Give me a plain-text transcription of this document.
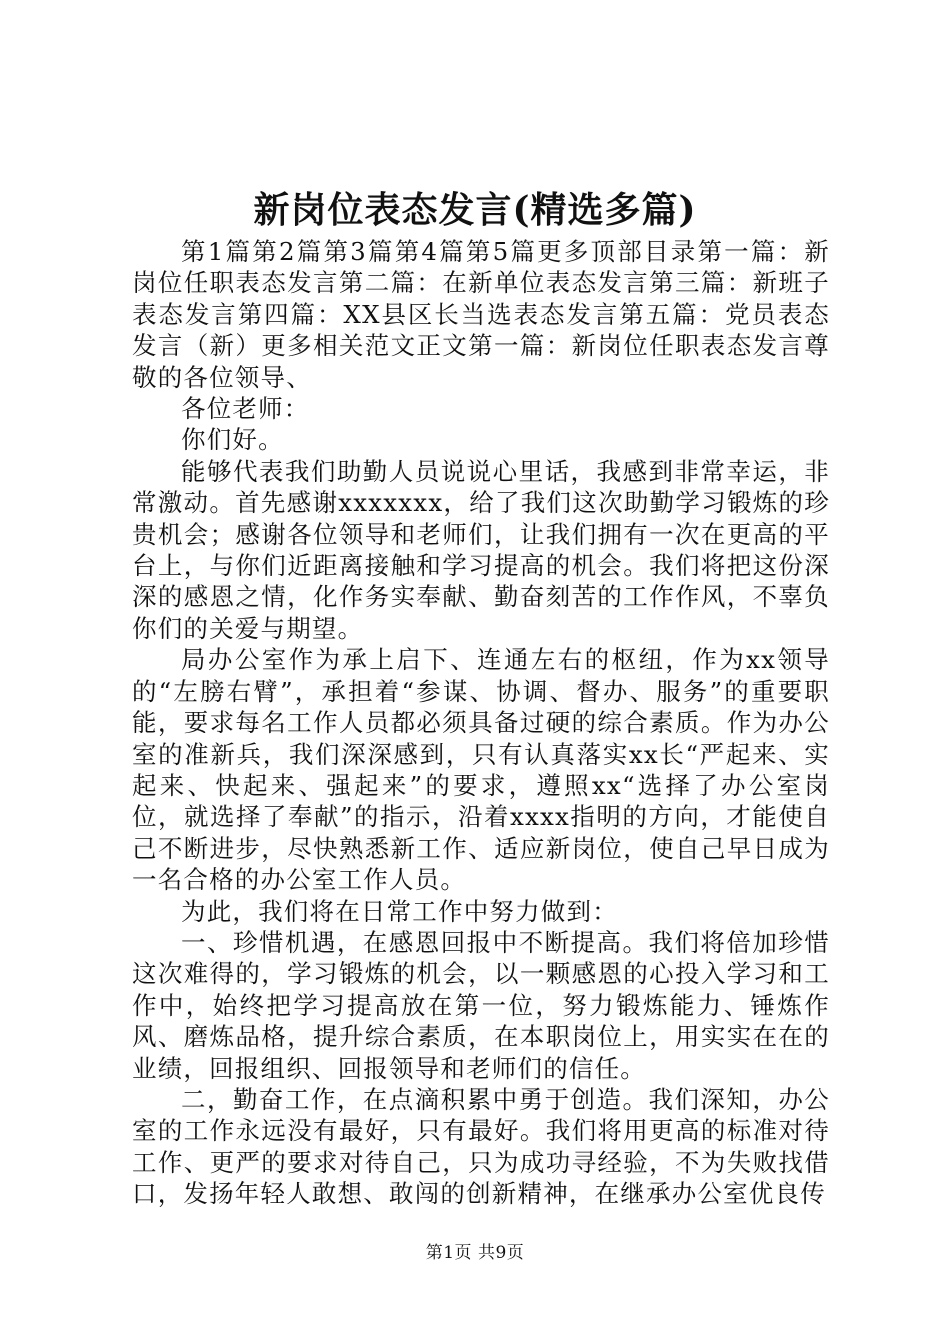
新岗位表态发言(精选多篇)

第1篇第2篇第3篇第4篇第5篇更多顶部目录第一篇：新岗位任职表态发言第二篇：在新单位表态发言第三篇：新班子表态发言第四篇：XX县区长当选表态发言第五篇：党员表态发言（新）更多相关范文正文第一篇：新岗位任职表态发言尊敬的各位领导、

各位老师：

你们好。

能够代表我们助勤人员说说心里话，我感到非常幸运，非常激动。首先感谢xxxxxxx，给了我们这次助勤学习锻炼的珍贵机会；感谢各位领导和老师们，让我们拥有一次在更高的平台上，与你们近距离接触和学习提高的机会。我们将把这份深深的感恩之情，化作务实奉献、勤奋刻苦的工作作风，不辜负你们的关爱与期望。

局办公室作为承上启下、连通左右的枢纽，作为xx领导的“左膀右臂”，承担着“参谋、协调、督办、服务”的重要职能，要求每名工作人员都必须具备过硬的综合素质。作为办公室的准新兵，我们深深感到，只有认真落实xx长“严起来、实起来、快起来、强起来”的要求，遵照xx“选择了办公室岗位，就选择了奉献”的指示，沿着xxxx指明的方向，才能使自己不断进步，尽快熟悉新工作、适应新岗位，使自己早日成为一名合格的办公室工作人员。

为此，我们将在日常工作中努力做到：

一、珍惜机遇，在感恩回报中不断提高。我们将倍加珍惜这次难得的，学习锻炼的机会，以一颗感恩的心投入学习和工作中，始终把学习提高放在第一位，努力锻炼能力、锤炼作风、磨炼品格，提升综合素质，在本职岗位上，用实实在在的业绩，回报组织、回报领导和老师们的信任。

二，勤奋工作，在点滴积累中勇于创造。我们深知，办公室的工作永远没有最好，只有最好。我们将用更高的标准对待工作、更严的要求对待自己，只为成功寻经验，不为失败找借口，发扬年轻人敢想、敢闯的创新精神，在继承办公室优良传

第1页 共9页
